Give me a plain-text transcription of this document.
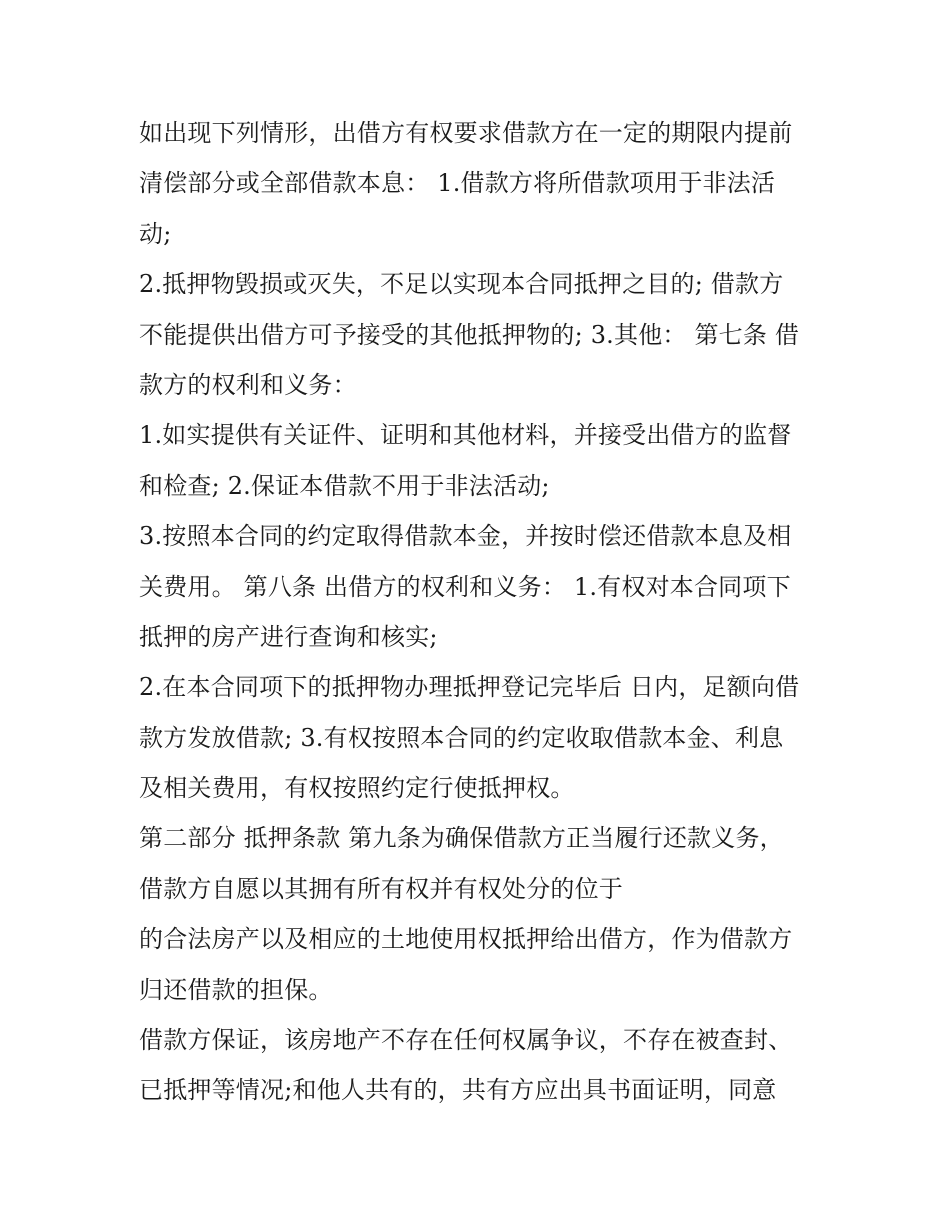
如出现下列情形，出借方有权要求借款方在一定的期限内提前
清偿部分或全部借款本息： 1.借款方将所借款项用于非法活
动;
2.抵押物毁损或灭失，不足以实现本合同抵押之目的; 借款方
不能提供出借方可予接受的其他抵押物的; 3.其他： 第七条 借
款方的权利和义务：
1.如实提供有关证件、证明和其他材料，并接受出借方的监督
和检查; 2.保证本借款不用于非法活动;
3.按照本合同的约定取得借款本金，并按时偿还借款本息及相
关费用。 第八条 出借方的权利和义务： 1.有权对本合同项下
抵押的房产进行查询和核实;
2.在本合同项下的抵押物办理抵押登记完毕后 日内，足额向借
款方发放借款; 3.有权按照本合同的约定收取借款本金、利息
及相关费用，有权按照约定行使抵押权。
第二部分 抵押条款 第九条为确保借款方正当履行还款义务，
借款方自愿以其拥有所有权并有权处分的位于
的合法房产以及相应的土地使用权抵押给出借方，作为借款方
归还借款的担保。
借款方保证，该房地产不存在任何权属争议，不存在被查封、
已抵押等情况;和他人共有的，共有方应出具书面证明，同意
